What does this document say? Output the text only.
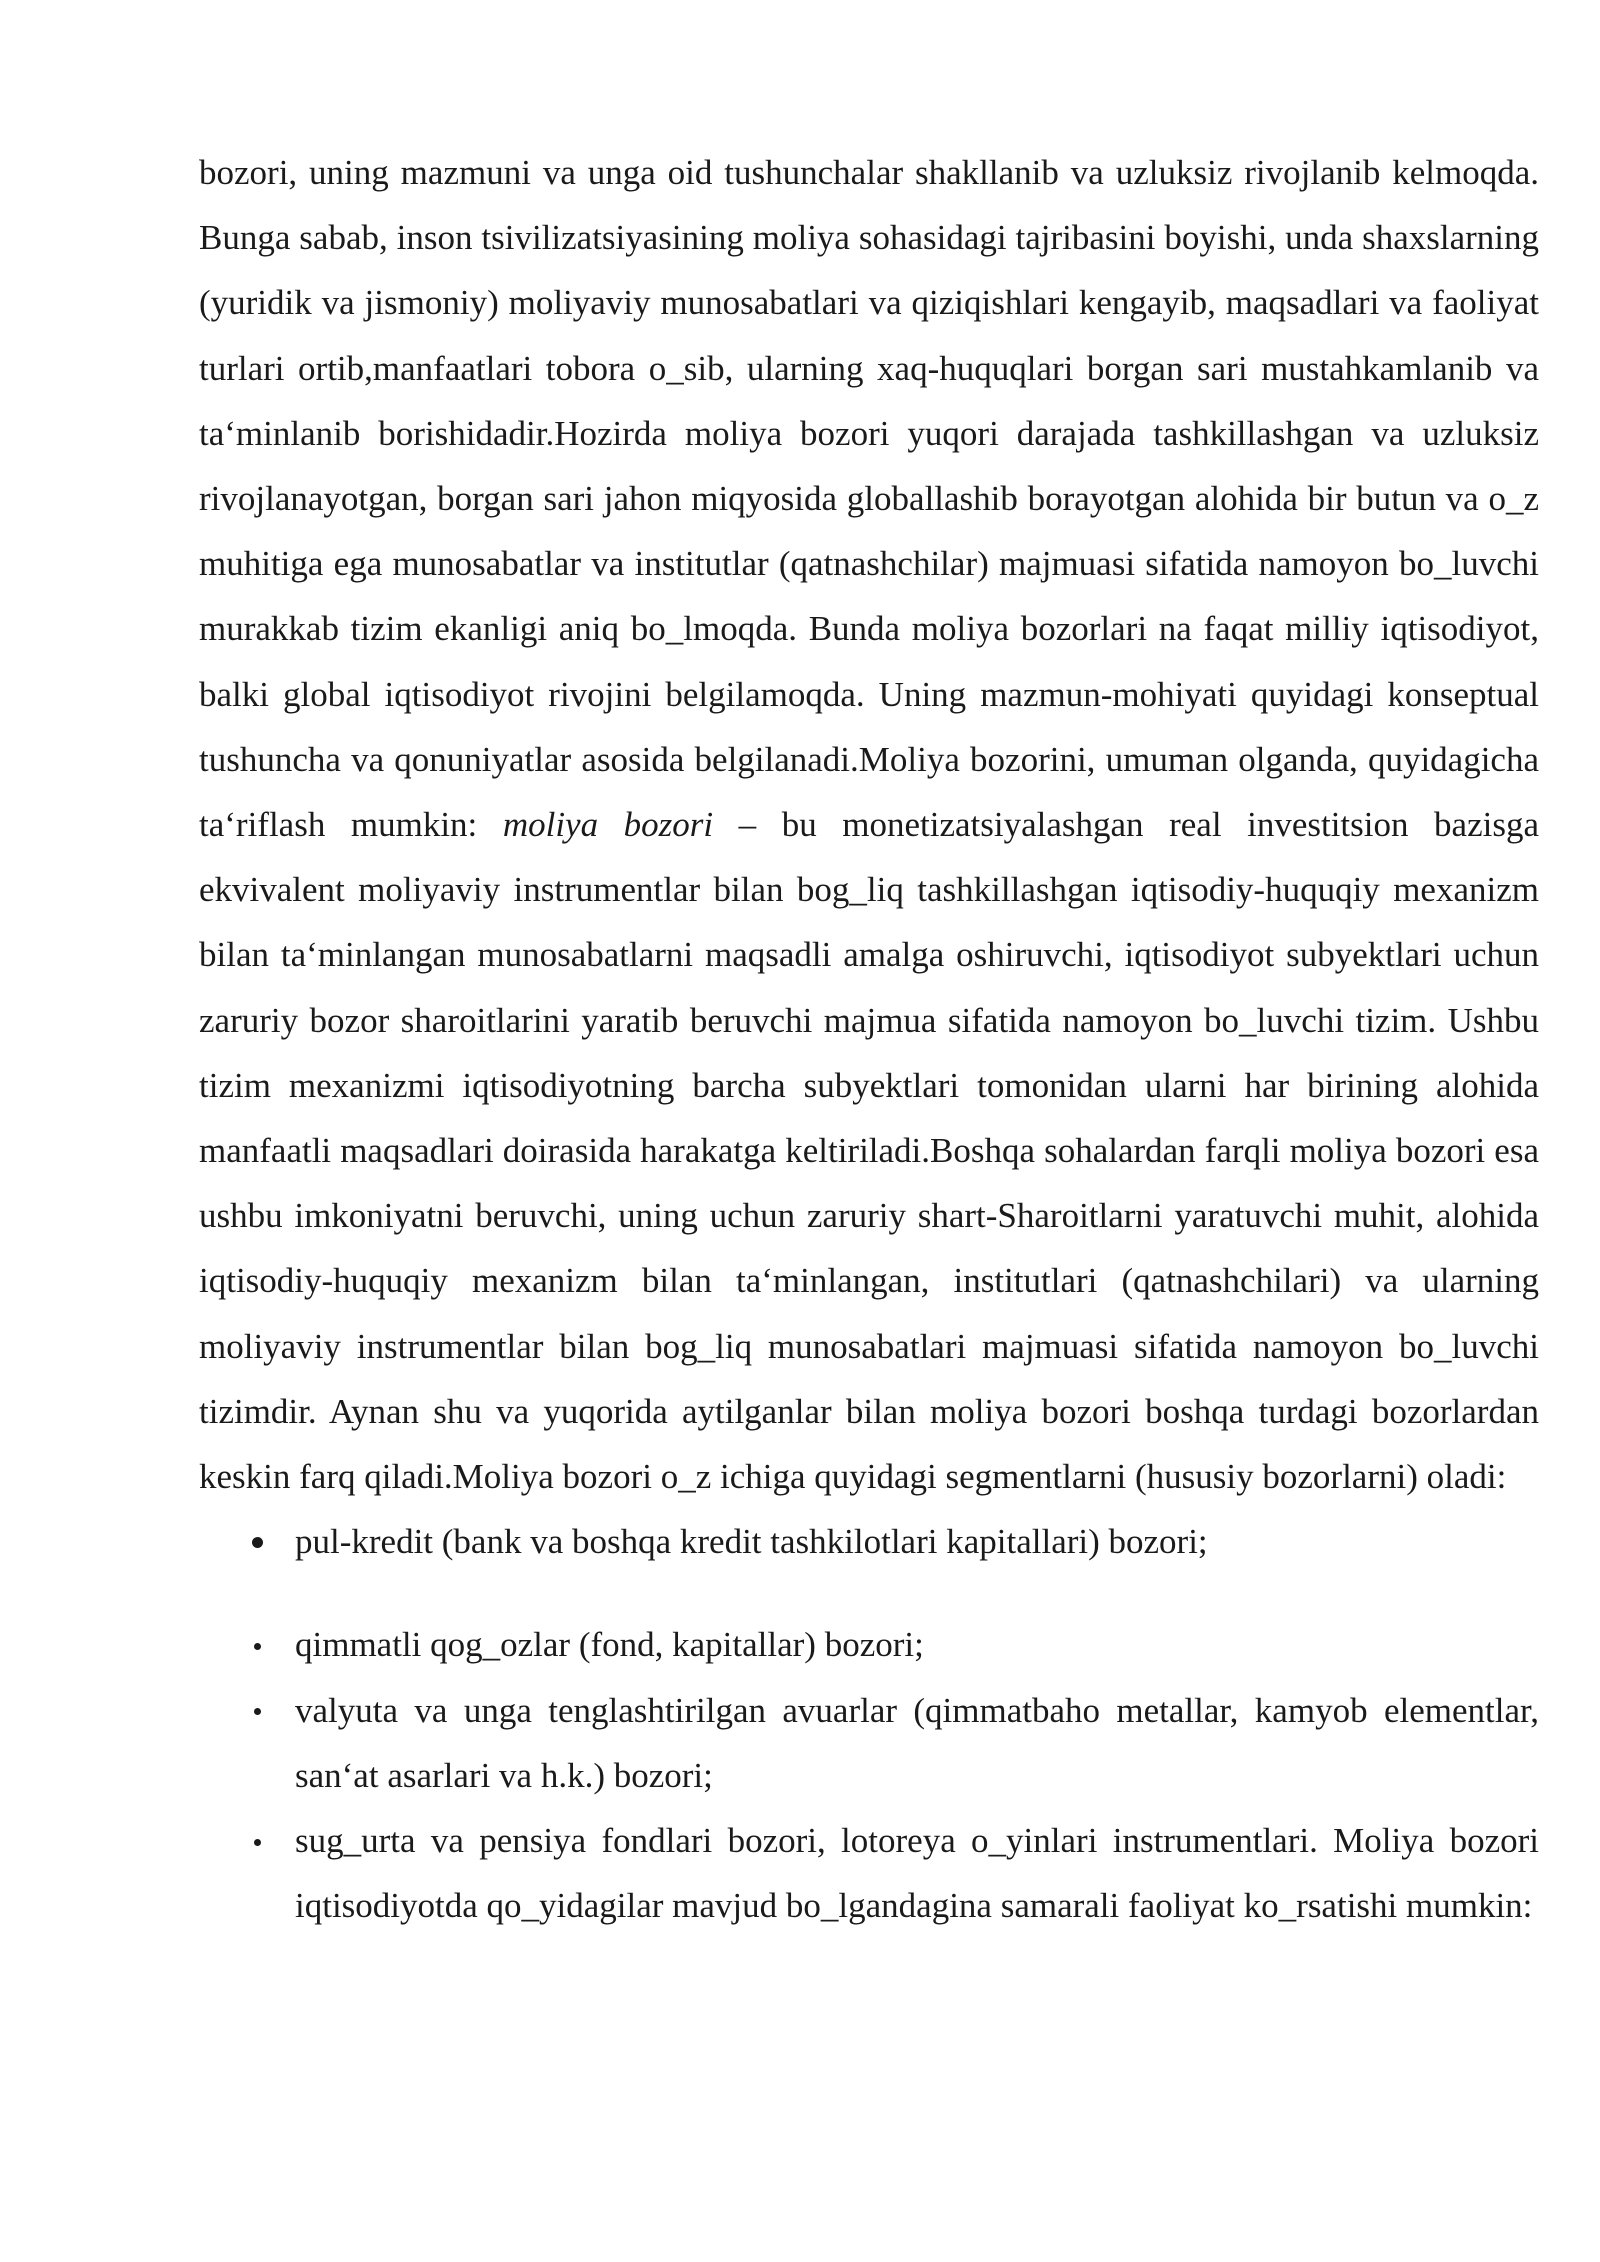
bozori, uning mazmuni va unga oid tushunchalar shakllanib va uzluksiz rivojlanib kelmoqda. Bunga sabab, inson tsivilizatsiyasining moliya sohasidagi tajribasini boyishi, unda shaxslarning (yuridik va jismoniy) moliyaviy munosabatlari va qiziqishlari kengayib, maqsadlari va faoliyat turlari ortib,manfaatlari tobora o_sib, ularning xaq-huquqlari borgan sari mustahkamlanib va ta‘minlanib borishidadir.Hozirda moliya bozori yuqori darajada tashkillashgan va uzluksiz rivojlanayotgan, borgan sari jahon miqyosida globallashib borayotgan alohida bir butun va o_z muhitiga ega munosabatlar va institutlar (qatnashchilar) majmuasi sifatida namoyon bo_luvchi murakkab tizim ekanligi aniq bo_lmoqda. Bunda moliya bozorlari na faqat milliy iqtisodiyot, balki global iqtisodiyot rivojini belgilamoqda. Uning mazmun-mohiyati quyidagi konseptual tushuncha va qonuniyatlar asosida belgilanadi.Moliya bozorini, umuman olganda, quyidagicha ta‘riflash mumkin: moliya bozori – bu monetizatsiyalashgan real investitsion bazisga ekvivalent moliyaviy instrumentlar bilan bog_liq tashkillashgan iqtisodiy-huquqiy mexanizm bilan ta‘minlangan munosabatlarni maqsadli amalga oshiruvchi, iqtisodiyot subyektlari uchun zaruriy bozor sharoitlarini yaratib beruvchi majmua sifatida namoyon bo_luvchi tizim. Ushbu tizim mexanizmi iqtisodiyotning barcha subyektlari tomonidan ularni har birining alohida manfaatli maqsadlari doirasida harakatga keltiriladi.Boshqa sohalardan farqli moliya bozori esa ushbu imkoniyatni beruvchi, uning uchun zaruriy shart-Sharoitlarni yaratuvchi muhit, alohida iqtisodiy-huquqiy mexanizm bilan ta‘minlangan, institutlari (qatnashchilari) va ularning moliyaviy instrumentlar bilan bog_liq munosabatlari majmuasi sifatida namoyon bo_luvchi tizimdir. Aynan shu va yuqorida aytilganlar bilan moliya bozori boshqa turdagi bozorlardan keskin farq qiladi.Moliya bozori o_z ichiga quyidagi segmentlarni (hususiy bozorlarni) oladi:

pul-kredit (bank va boshqa kredit tashkilotlari kapitallari) bozori;
qimmatli qog_ozlar (fond, kapitallar) bozori;
valyuta va unga tenglashtirilgan avuarlar (qimmatbaho metallar, kamyob elementlar, san‘at asarlari va h.k.) bozori;
sug_urta va pensiya fondlari bozori, lotoreya o_yinlari instrumentlari. Moliya bozori iqtisodiyotda qo_yidagilar mavjud bo_lgandagina samarali faoliyat ko_rsatishi mumkin:
